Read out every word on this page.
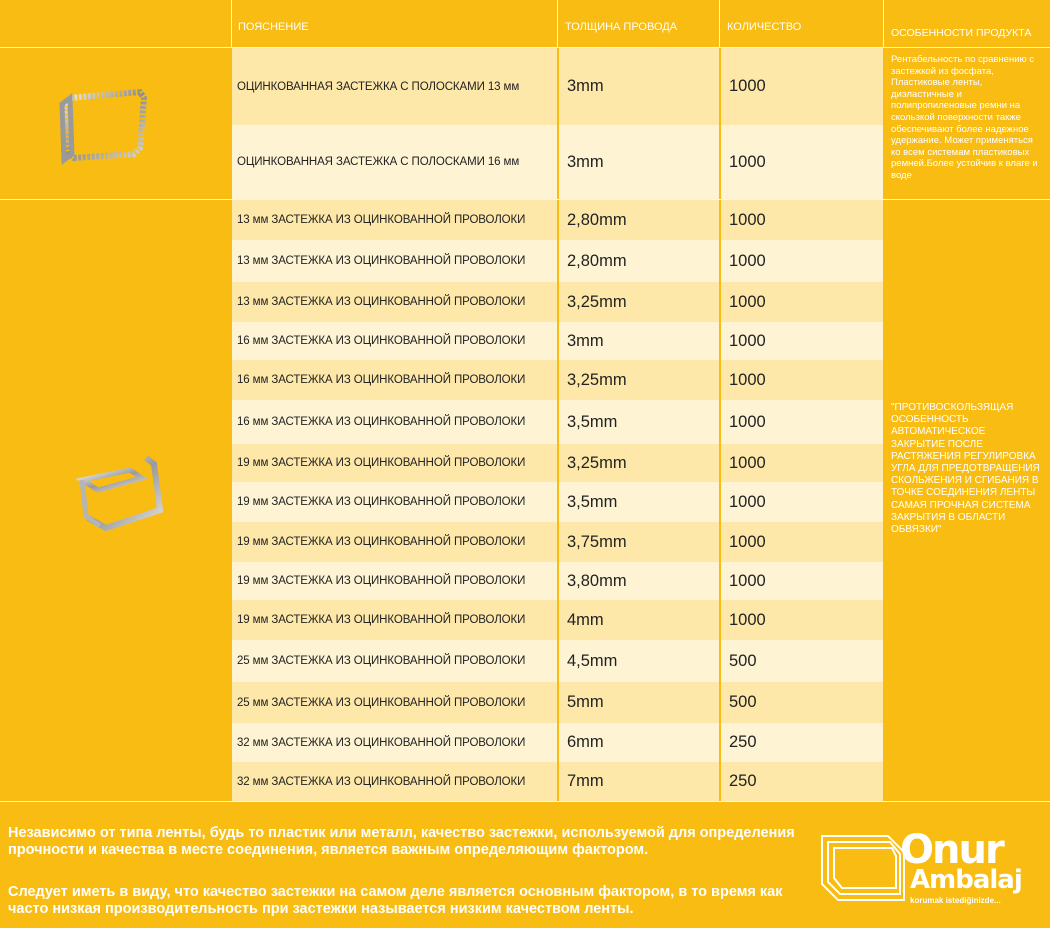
ПОЯСНЕНИЕ	ТОЛЩИНА ПРОВОДА	КОЛИЧЕСТВО	ОСОБЕННОСТИ ПРОДУКТА
Рентабельность по сравнению с застежкой из фосфата, Пластиковые ленты, диэластичные и полипропиленовые ремни на скользкой поверхности также обеспечивают более надежное удержание. Может применяться ко всем системам пластиковых ремней.Более устойчив к влаге и воде
"ПРОТИВОСКОЛЬЗЯЩАЯ ОСОБЕННОСТЬ АВТОМАТИЧЕСКОЕ ЗАКРЫТИЕ ПОСЛЕ РАСТЯЖЕНИЯ РЕГУЛИРОВКА УГЛА ДЛЯ ПРЕДОТВРАЩЕНИЯ СКОЛЬЖЕНИЯ И СГИБАНИЯ В ТОЧКЕ СОЕДИНЕНИЯ ЛЕНТЫ САМАЯ ПРОЧНАЯ СИСТЕМА ЗАКРЫТИЯ В ОБЛАСТИ ОБВЯЗКИ"
ОЦИНКОВАННАЯ ЗАСТЕЖКА С ПОЛОСКАМИ 13 мм	3mm	1000
ОЦИНКОВАННАЯ ЗАСТЕЖКА С ПОЛОСКАМИ 16 мм	3mm	1000
13 мм ЗАСТЕЖКА ИЗ ОЦИНКОВАННОЙ ПРОВОЛОКИ	2,80mm	1000
13 мм ЗАСТЕЖКА ИЗ ОЦИНКОВАННОЙ ПРОВОЛОКИ	2,80mm	1000
13 мм ЗАСТЕЖКА ИЗ ОЦИНКОВАННОЙ ПРОВОЛОКИ	3,25mm	1000
16 мм ЗАСТЕЖКА ИЗ ОЦИНКОВАННОЙ ПРОВОЛОКИ	3mm	1000
16 мм ЗАСТЕЖКА ИЗ ОЦИНКОВАННОЙ ПРОВОЛОКИ	3,25mm	1000
16 мм ЗАСТЕЖКА ИЗ ОЦИНКОВАННОЙ ПРОВОЛОКИ	3,5mm	1000
19 мм ЗАСТЕЖКА ИЗ ОЦИНКОВАННОЙ ПРОВОЛОКИ	3,25mm	1000
19 мм ЗАСТЕЖКА ИЗ ОЦИНКОВАННОЙ ПРОВОЛОКИ	3,5mm	1000
19 мм ЗАСТЕЖКА ИЗ ОЦИНКОВАННОЙ ПРОВОЛОКИ	3,75mm	1000
19 мм ЗАСТЕЖКА ИЗ ОЦИНКОВАННОЙ ПРОВОЛОКИ	3,80mm	1000
19 мм ЗАСТЕЖКА ИЗ ОЦИНКОВАННОЙ ПРОВОЛОКИ	4mm	1000
25 мм ЗАСТЕЖКА ИЗ ОЦИНКОВАННОЙ ПРОВОЛОКИ	4,5mm	500
25 мм ЗАСТЕЖКА ИЗ ОЦИНКОВАННОЙ ПРОВОЛОКИ	5mm	500
32 мм ЗАСТЕЖКА ИЗ ОЦИНКОВАННОЙ ПРОВОЛОКИ	6mm	250
32 мм ЗАСТЕЖКА ИЗ ОЦИНКОВАННОЙ ПРОВОЛОКИ	7mm	250
Независимо от типа ленты, будь то пластик или металл, качество застежки, используемой для определения прочности и качества в месте соединения, является важным определяющим фактором.
Следует иметь в виду, что качество застежки на самом деле является основным фактором, в то время как часто низкая производительность при застежки называется низким качеством ленты.
Onur
Ambalaj
korumak istediğinizde...
